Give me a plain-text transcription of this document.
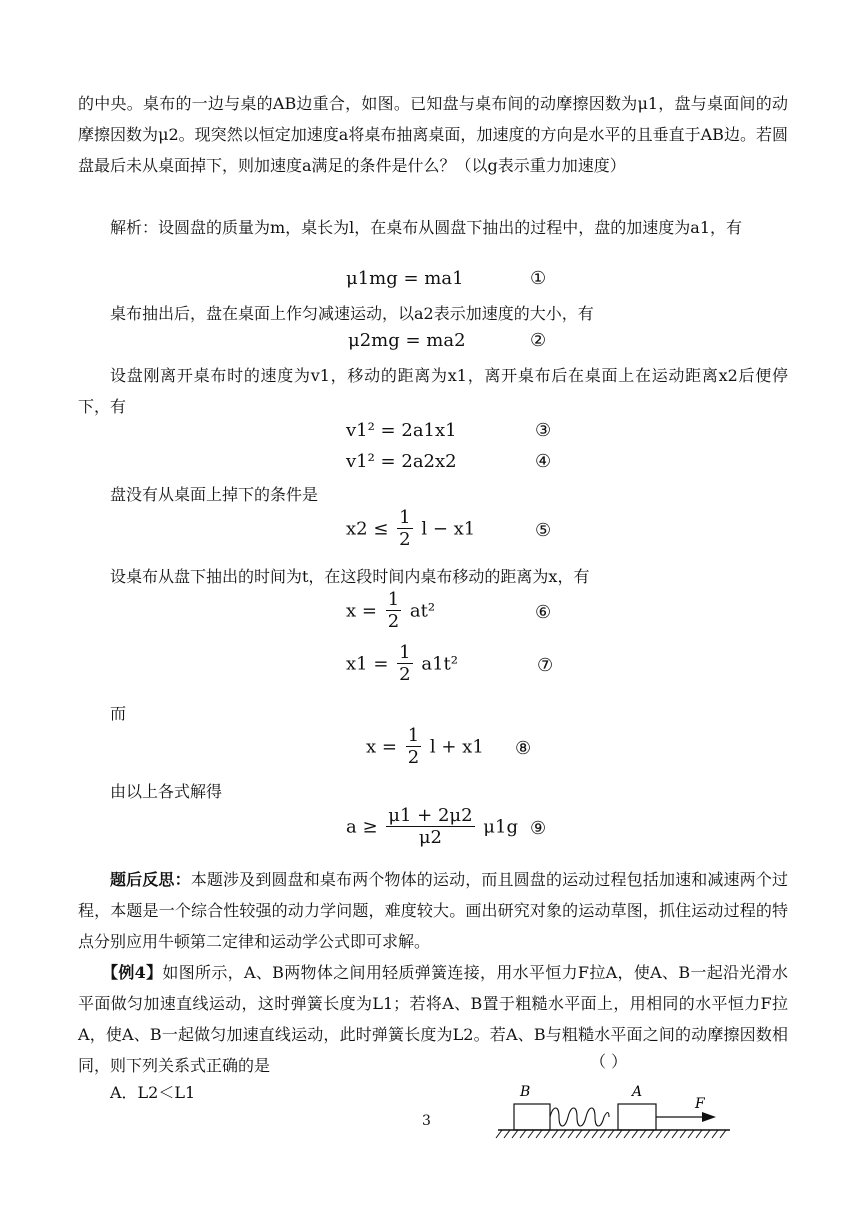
的中央。桌布的一边与桌的AB边重合，如图。已知盘与桌布间的动摩擦因数为μ1，盘与桌面间的动摩擦因数为μ2。现突然以恒定加速度a将桌布抽离桌面，加速度的方向是水平的且垂直于AB边。若圆盘最后未从桌面掉下，则加速度a满足的条件是什么？（以g表示重力加速度）

解析：设圆盘的质量为m，桌长为l，在桌布从圆盘下抽出的过程中，盘的加速度为a1，有

μ1mg = ma1	①
桌布抽出后，盘在桌面上作匀减速运动，以a2表示加速度的大小，有
μ2mg = ma2	②

设盘刚离开桌布时的速度为v1，移动的距离为x1，离开桌布后在桌面上在运动距离x2后便停下，有

v1² = 2a1x1	③
v1² = 2a2x2	④
盘没有从桌面上掉下的条件是
$x2 \le \frac{1}{2}$ l − x1	⑤
设桌布从盘下抽出的时间为t，在这段时间内桌布移动的距离为x，有
$x = \frac{1}{2} at^2$	⑥
$x1 = \frac{1}{2} a1t^2$	⑦
而
$x = \frac{1}{2}$ l + x1 ⑧
由以上各式解得
$a \ge \frac{\mu 1 + 2\mu 2}{\mu 2} \mu 1g$ ⑨

题后反思：本题涉及到圆盘和桌布两个物体的运动，而且圆盘的运动过程包括加速和减速两个过程，本题是一个综合性较强的动力学问题，难度较大。画出研究对象的运动草图，抓住运动过程的特点分别应用牛顿第二定律和运动学公式即可求解。

【例4】如图所示，A、B两物体之间用轻质弹簧连接，用水平恒力F拉A，使A、B一起沿光滑水平面做匀加速直线运动，这时弹簧长度为L1；若将A、B置于粗糙水平面上，用相同的水平恒力F拉A，使A、B一起做匀加速直线运动，此时弹簧长度为L2。若A、B与粗糙水平面之间的动摩擦因数相同，则下列关系式正确的是	（ ）
A．L2＜L1
3
B	A
F
